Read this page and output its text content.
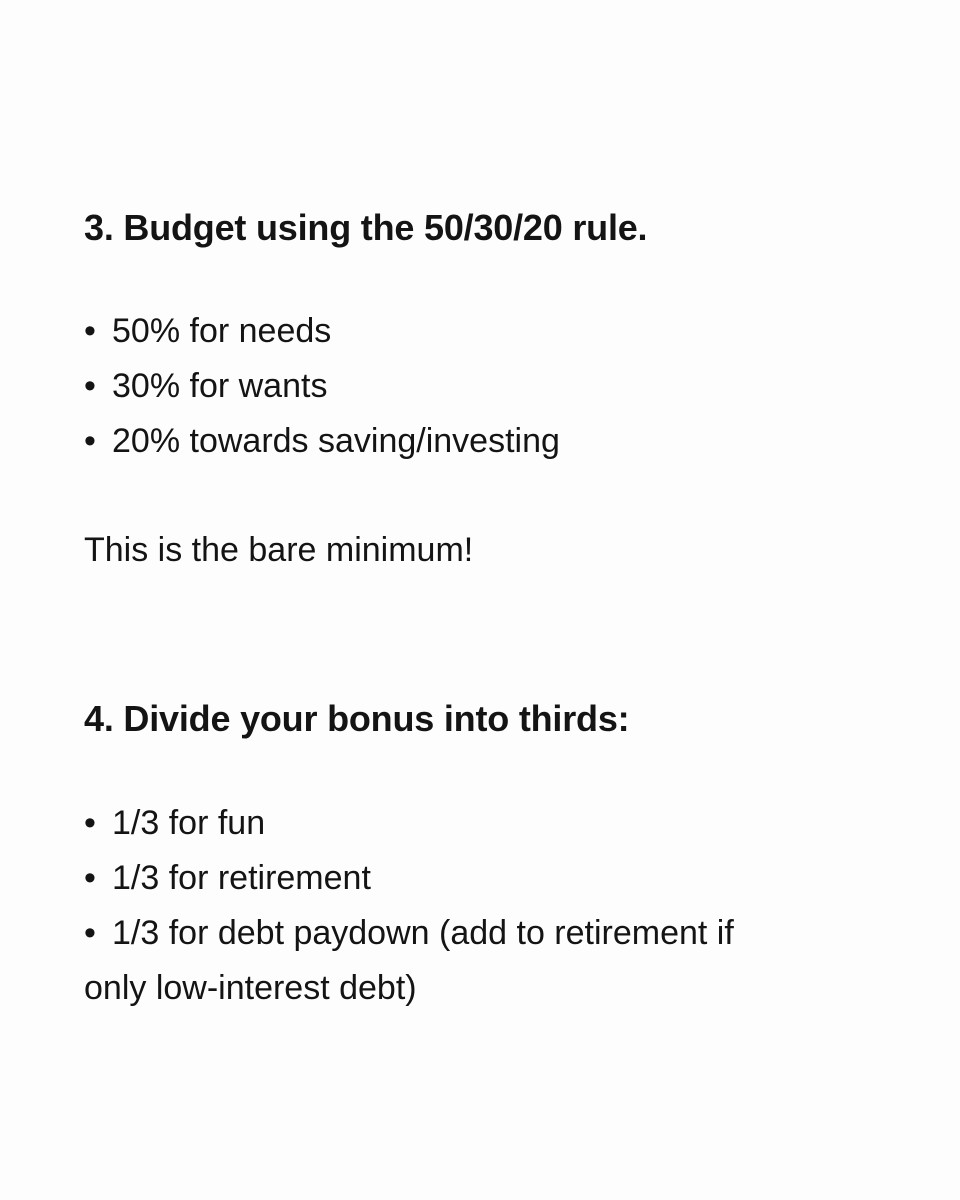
3. Budget using the 50/30/20 rule.
• 50% for needs
• 30% for wants
• 20% towards saving/investing

This is the bare minimum!

4. Divide your bonus into thirds:
• 1/3 for fun
• 1/3 for retirement
• 1/3 for debt paydown (add to retirement if only low-interest debt)
